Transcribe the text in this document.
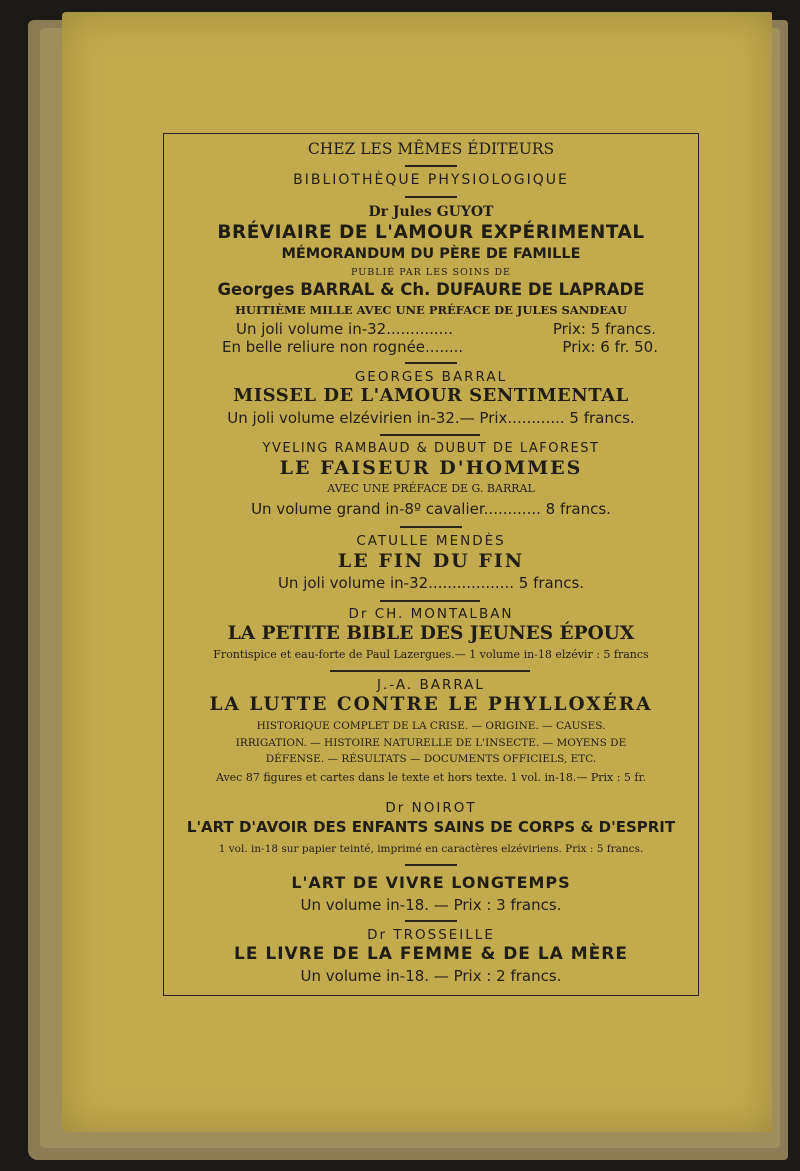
CHEZ LES MÊMES ÉDITEURS
BIBLIOTHÈQUE PHYSIOLOGIQUE
Dr Jules GUYOT
BRÉVIAIRE DE L'AMOUR EXPÉRIMENTAL
MÉMORANDUM DU PÈRE DE FAMILLE
PUBLIÉ PAR LES SOINS DE
Georges BARRAL & Ch. DUFAURE DE LAPRADE
HUITIÈME MILLE AVEC UNE PRÉFACE DE JULES SANDEAU
Un joli volume in-32..............	Prix: 5 francs.
En belle reliure non rognée........	Prix: 6 fr. 50.
GEORGES BARRAL
MISSEL DE L'AMOUR SENTIMENTAL
Un joli volume elzévirien in-32.— Prix............ 5 francs.
YVELING RAMBAUD & DUBUT DE LAFOREST
LE FAISEUR D'HOMMES
AVEC UNE PRÉFACE DE G. BARRAL
Un volume grand in-8º cavalier............ 8 francs.
CATULLE MENDÈS
LE FIN DU FIN
Un joli volume in-32.................. 5 francs.
Dr CH. MONTALBAN
LA PETITE BIBLE DES JEUNES ÉPOUX
Frontispice et eau-forte de Paul Lazergues.— 1 volume in-18 elzévir : 5 francs
J.-A. BARRAL
LA LUTTE CONTRE LE PHYLLOXÉRA
HISTORIQUE COMPLET DE LA CRISE. — ORIGINE. — CAUSES.
IRRIGATION. — HISTOIRE NATURELLE DE L'INSECTE. — MOYENS DE
DÉFENSE. — RÉSULTATS — DOCUMENTS OFFICIELS, ETC.
Avec 87 figures et cartes dans le texte et hors texte. 1 vol. in-18.— Prix : 5 fr.
Dr NOIROT
L'ART D'AVOIR DES ENFANTS SAINS DE CORPS & D'ESPRIT
1 vol. in-18 sur papier teinté, imprimé en caractères elzéviriens. Prix : 5 francs.
L'ART DE VIVRE LONGTEMPS
Un volume in-18. — Prix : 3 francs.
Dr TROSSEILLE
LE LIVRE DE LA FEMME & DE LA MÈRE
Un volume in-18. — Prix : 2 francs.
